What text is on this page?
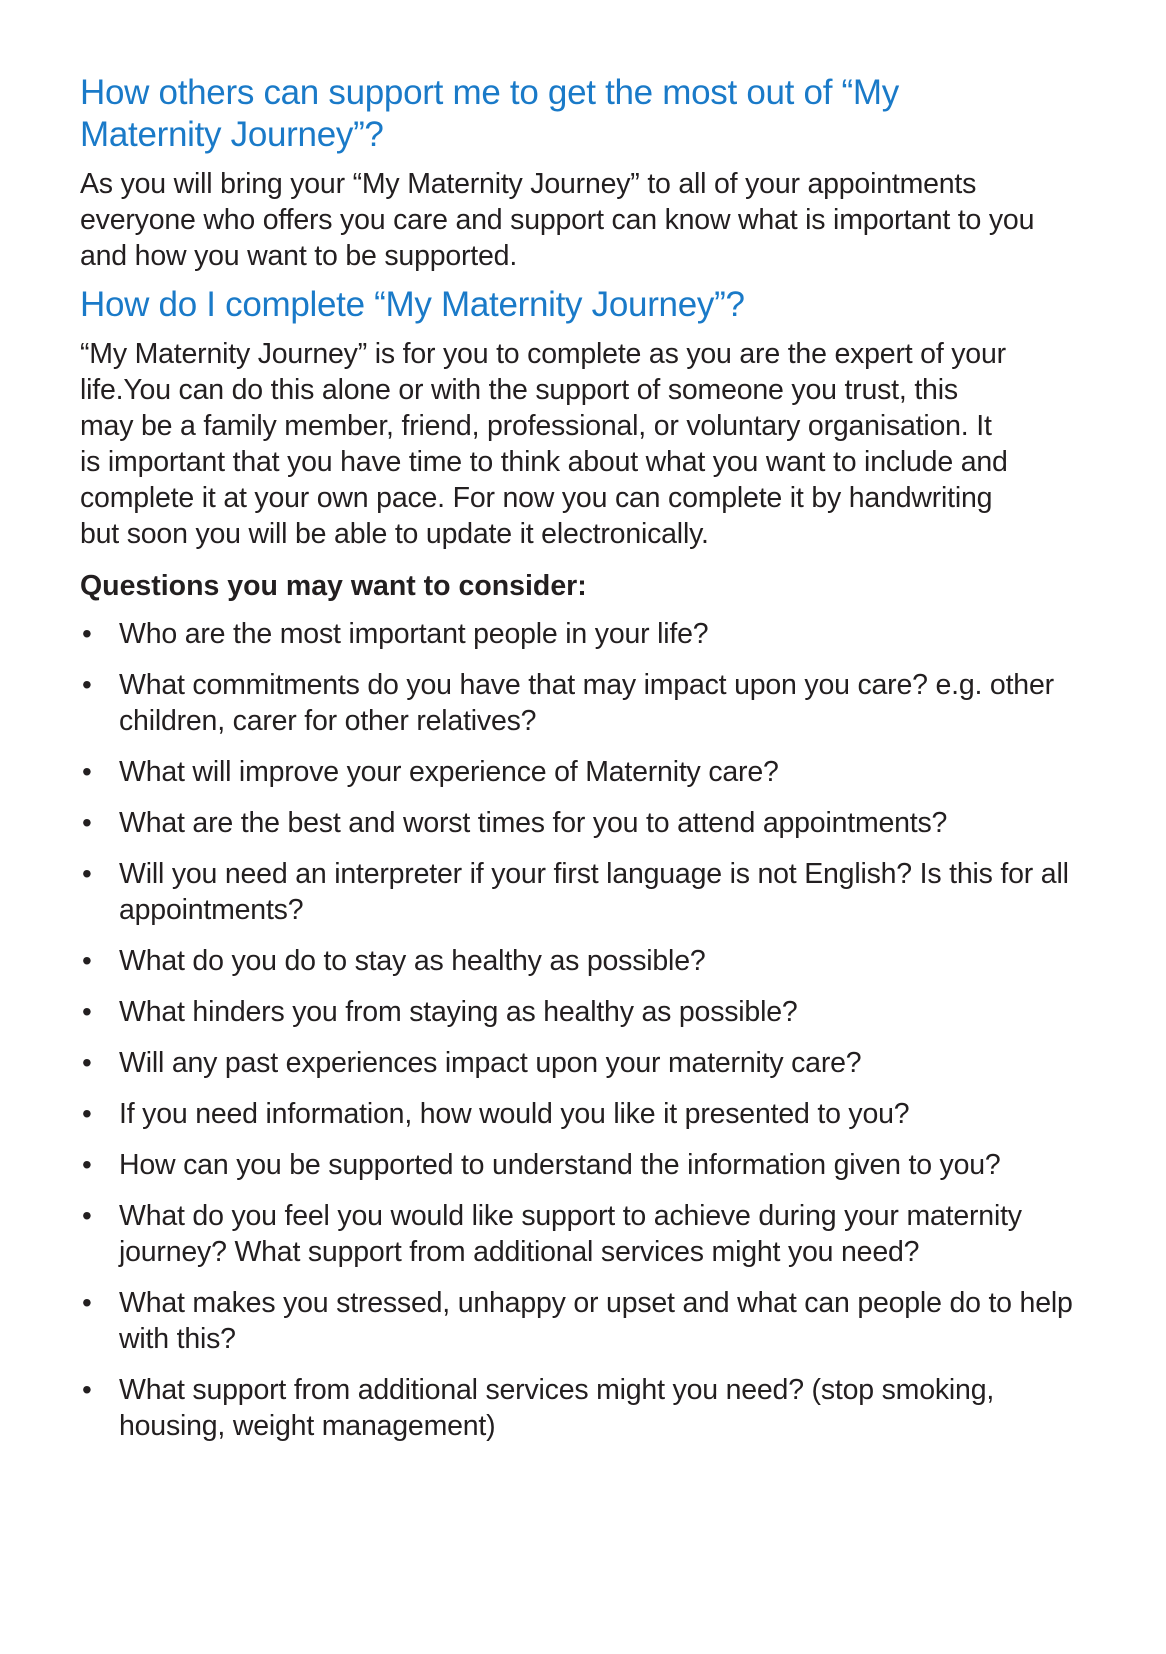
How others can support me to get the most out of “My Maternity Journey”?

As you will bring your “My Maternity Journey” to all of your appointments everyone who offers you care and support can know what is important to you and how you want to be supported.

How do I complete “My Maternity Journey”?

“My Maternity Journey” is for you to complete as you are the expert of your life.You can do this alone or with the support of someone you trust, this may be a family member, friend, professional, or voluntary organisation. It is important that you have time to think about what you want to include and complete it at your own pace. For now you can complete it by handwriting but soon you will be able to update it electronically.

Questions you may want to consider:
• Who are the most important people in your life?
• What commitments do you have that may impact upon you care? e.g. other children, carer for other relatives?
• What will improve your experience of Maternity care?
• What are the best and worst times for you to attend appointments?
• Will you need an interpreter if your first language is not English? Is this for all appointments?
• What do you do to stay as healthy as possible?
• What hinders you from staying as healthy as possible?
• Will any past experiences impact upon your maternity care?
• If you need information, how would you like it presented to you?
• How can you be supported to understand the information given to you?
• What do you feel you would like support to achieve during your maternity journey? What support from additional services might you need?
• What makes you stressed, unhappy or upset and what can people do to help with this?
• What support from additional services might you need? (stop smoking, housing, weight management)
